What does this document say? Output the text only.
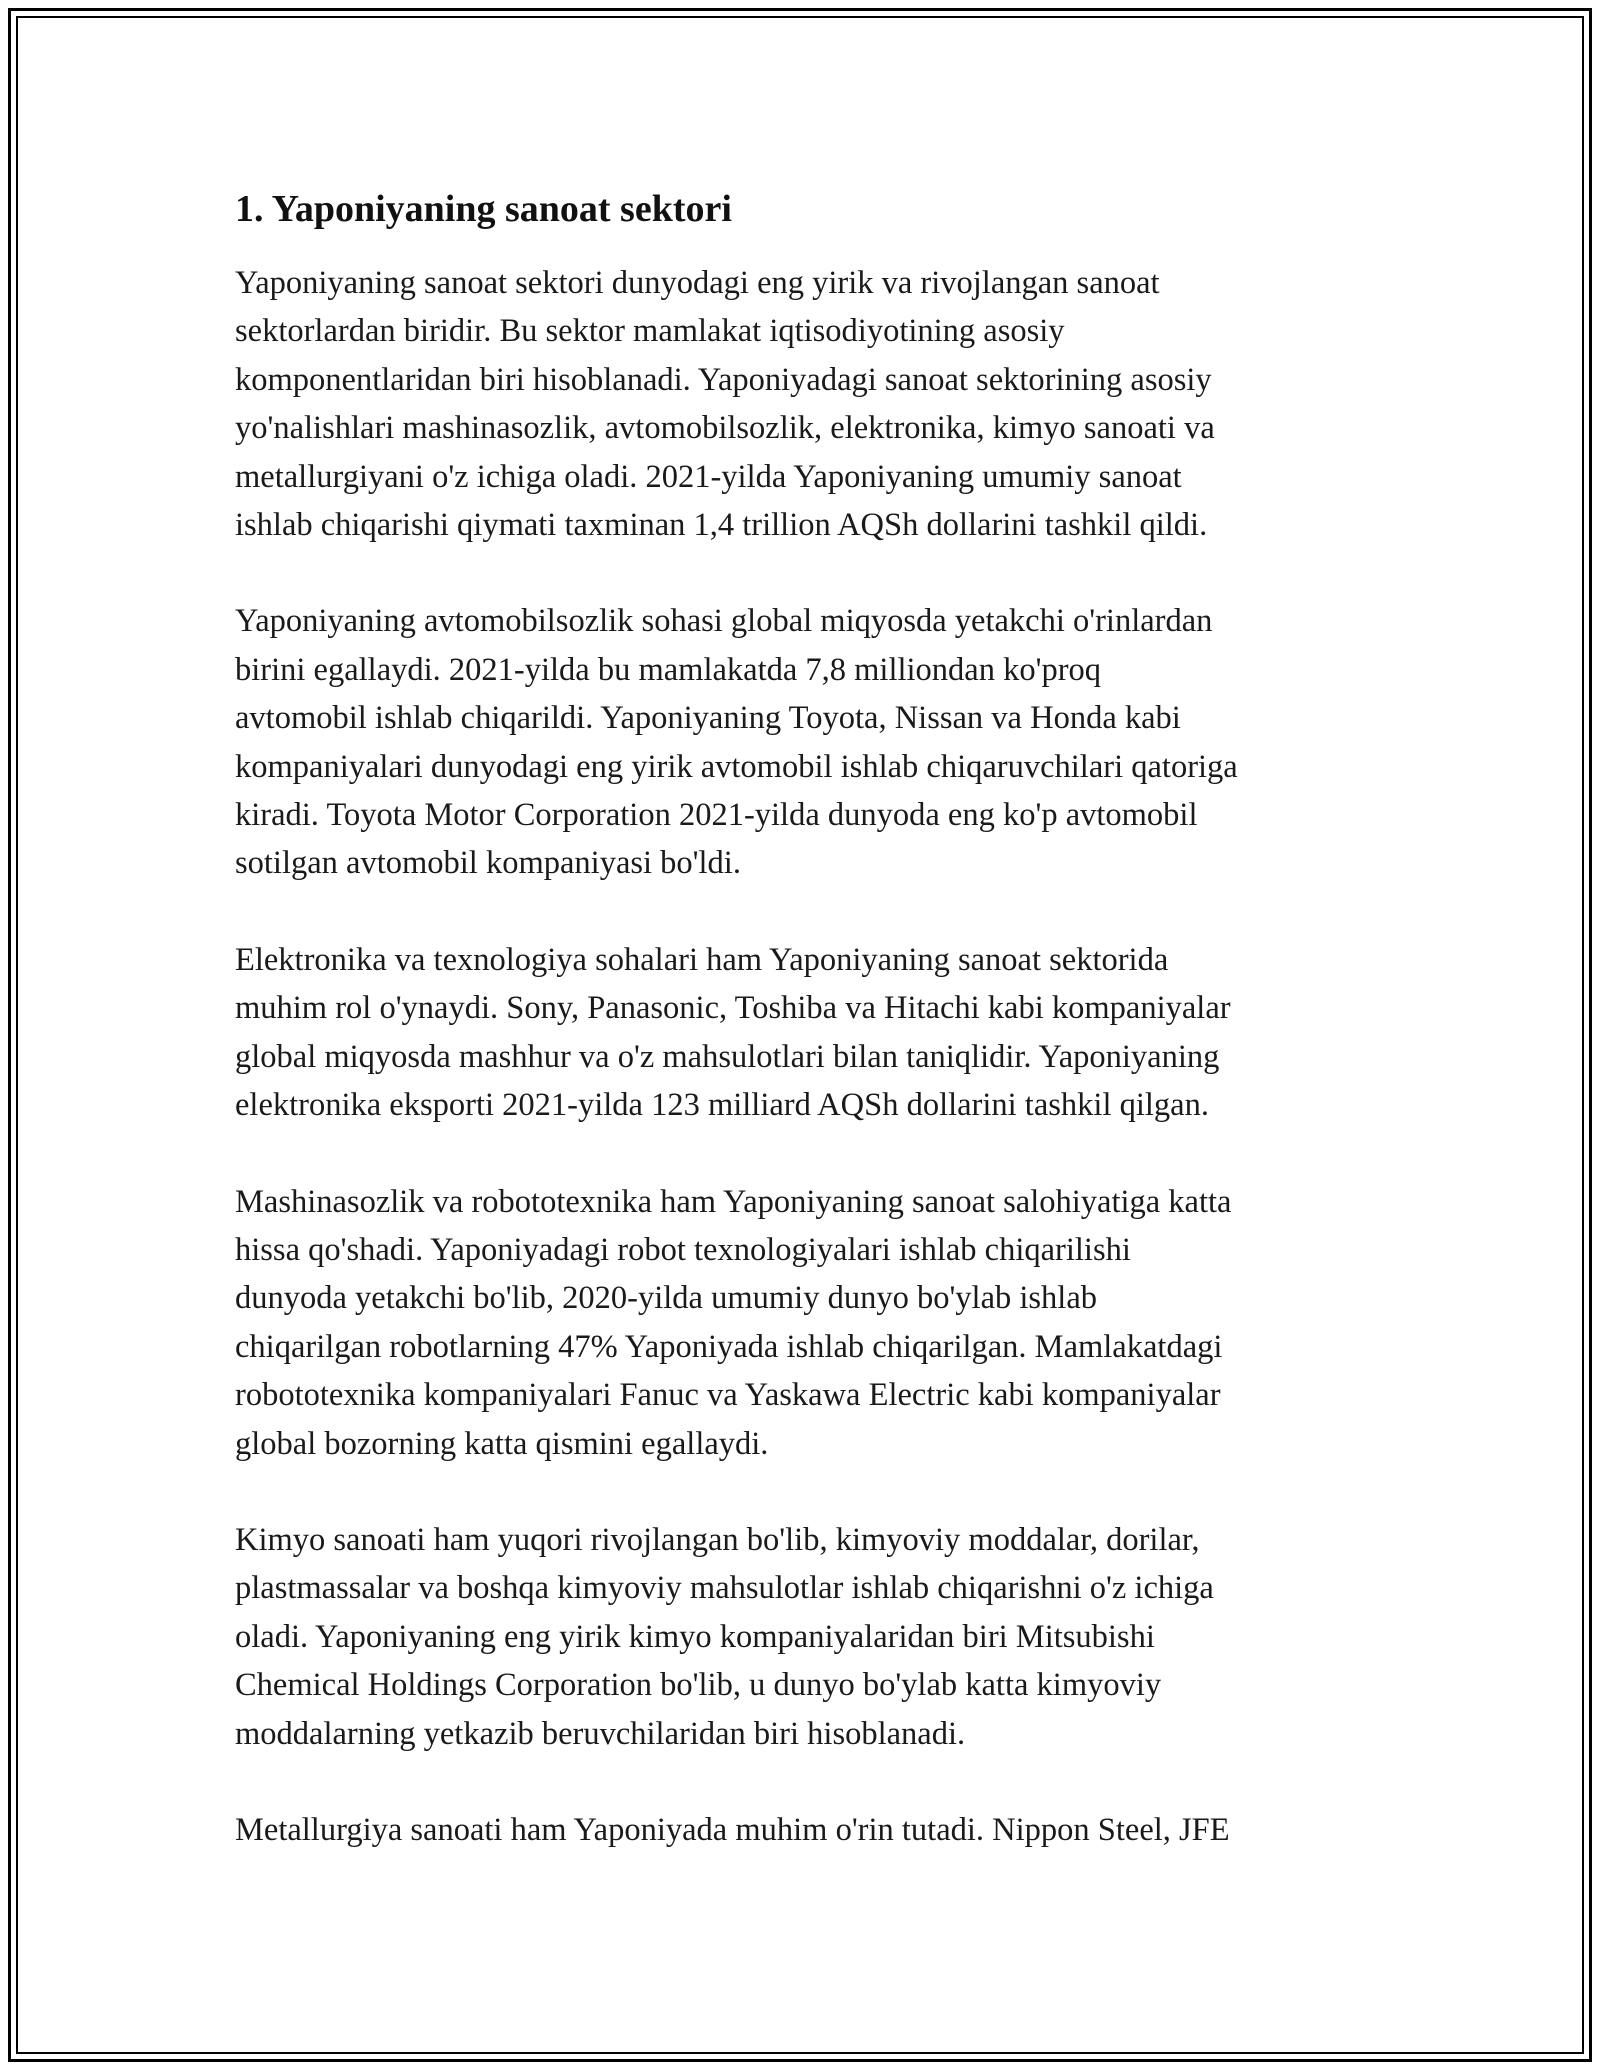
1. Yaponiyaning sanoat sektori

Yaponiyaning sanoat sektori dunyodagi eng yirik va rivojlangan sanoat
sektorlardan biridir. Bu sektor mamlakat iqtisodiyotining asosiy
komponentlaridan biri hisoblanadi. Yaponiyadagi sanoat sektorining asosiy
yo'nalishlari mashinasozlik, avtomobilsozlik, elektronika, kimyo sanoati va
metallurgiyani o'z ichiga oladi. 2021-yilda Yaponiyaning umumiy sanoat
ishlab chiqarishi qiymati taxminan 1,4 trillion AQSh dollarini tashkil qildi.

Yaponiyaning avtomobilsozlik sohasi global miqyosda yetakchi o'rinlardan
birini egallaydi. 2021-yilda bu mamlakatda 7,8 milliondan ko'proq
avtomobil ishlab chiqarildi. Yaponiyaning Toyota, Nissan va Honda kabi
kompaniyalari dunyodagi eng yirik avtomobil ishlab chiqaruvchilari qatoriga
kiradi. Toyota Motor Corporation 2021-yilda dunyoda eng ko'p avtomobil
sotilgan avtomobil kompaniyasi bo'ldi.

Elektronika va texnologiya sohalari ham Yaponiyaning sanoat sektorida
muhim rol o'ynaydi. Sony, Panasonic, Toshiba va Hitachi kabi kompaniyalar
global miqyosda mashhur va o'z mahsulotlari bilan taniqlidir. Yaponiyaning
elektronika eksporti 2021-yilda 123 milliard AQSh dollarini tashkil qilgan.

Mashinasozlik va robototexnika ham Yaponiyaning sanoat salohiyatiga katta
hissa qo'shadi. Yaponiyadagi robot texnologiyalari ishlab chiqarilishi
dunyoda yetakchi bo'lib, 2020-yilda umumiy dunyo bo'ylab ishlab
chiqarilgan robotlarning 47% Yaponiyada ishlab chiqarilgan. Mamlakatdagi
robototexnika kompaniyalari Fanuc va Yaskawa Electric kabi kompaniyalar
global bozorning katta qismini egallaydi.

Kimyo sanoati ham yuqori rivojlangan bo'lib, kimyoviy moddalar, dorilar,
plastmassalar va boshqa kimyoviy mahsulotlar ishlab chiqarishni o'z ichiga
oladi. Yaponiyaning eng yirik kimyo kompaniyalaridan biri Mitsubishi
Chemical Holdings Corporation bo'lib, u dunyo bo'ylab katta kimyoviy
moddalarning yetkazib beruvchilaridan biri hisoblanadi.

Metallurgiya sanoati ham Yaponiyada muhim o'rin tutadi. Nippon Steel, JFE
